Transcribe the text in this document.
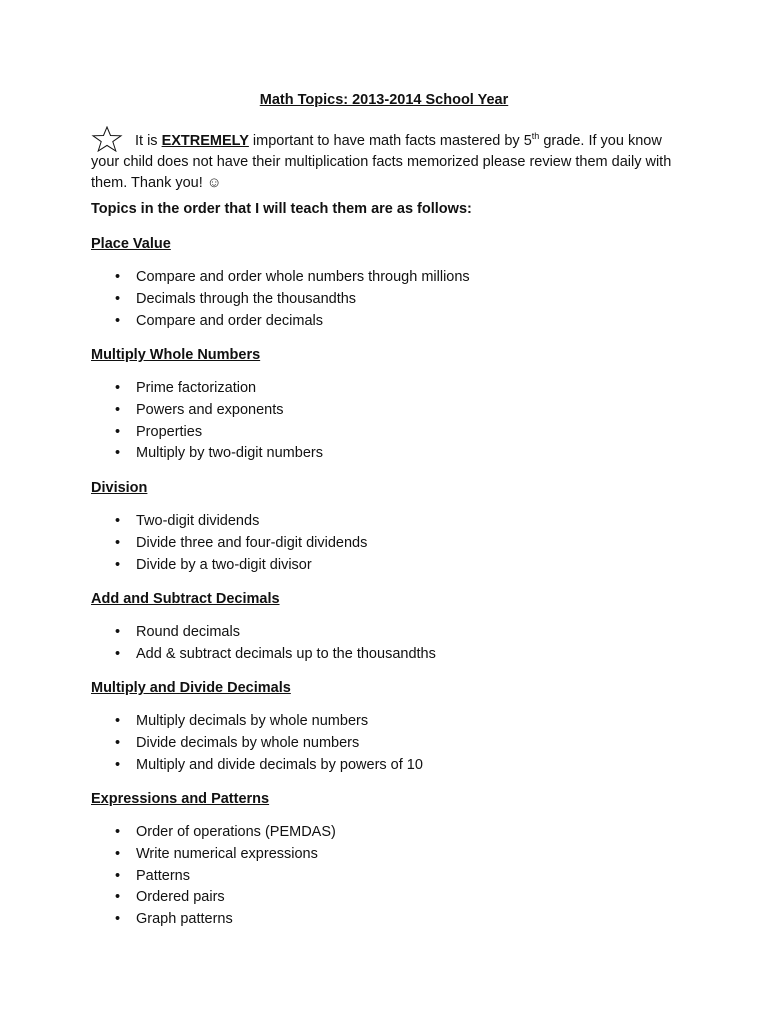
Math Topics: 2013-2014 School Year
It is EXTREMELY important to have math facts mastered by 5th grade. If you know your child does not have their multiplication facts memorized please review them daily with them. Thank you! ☺
Topics in the order that I will teach them are as follows:
Place Value
• Compare and order whole numbers through millions
• Decimals through the thousandths
• Compare and order decimals
Multiply Whole Numbers
• Prime factorization
• Powers and exponents
• Properties
• Multiply by two-digit numbers
Division
• Two-digit dividends
• Divide three and four-digit dividends
• Divide by a two-digit divisor
Add and Subtract Decimals
• Round decimals
• Add & subtract decimals up to the thousandths
Multiply and Divide Decimals
• Multiply decimals by whole numbers
• Divide decimals by whole numbers
• Multiply and divide decimals by powers of 10
Expressions and Patterns
• Order of operations (PEMDAS)
• Write numerical expressions
• Patterns
• Ordered pairs
• Graph patterns
